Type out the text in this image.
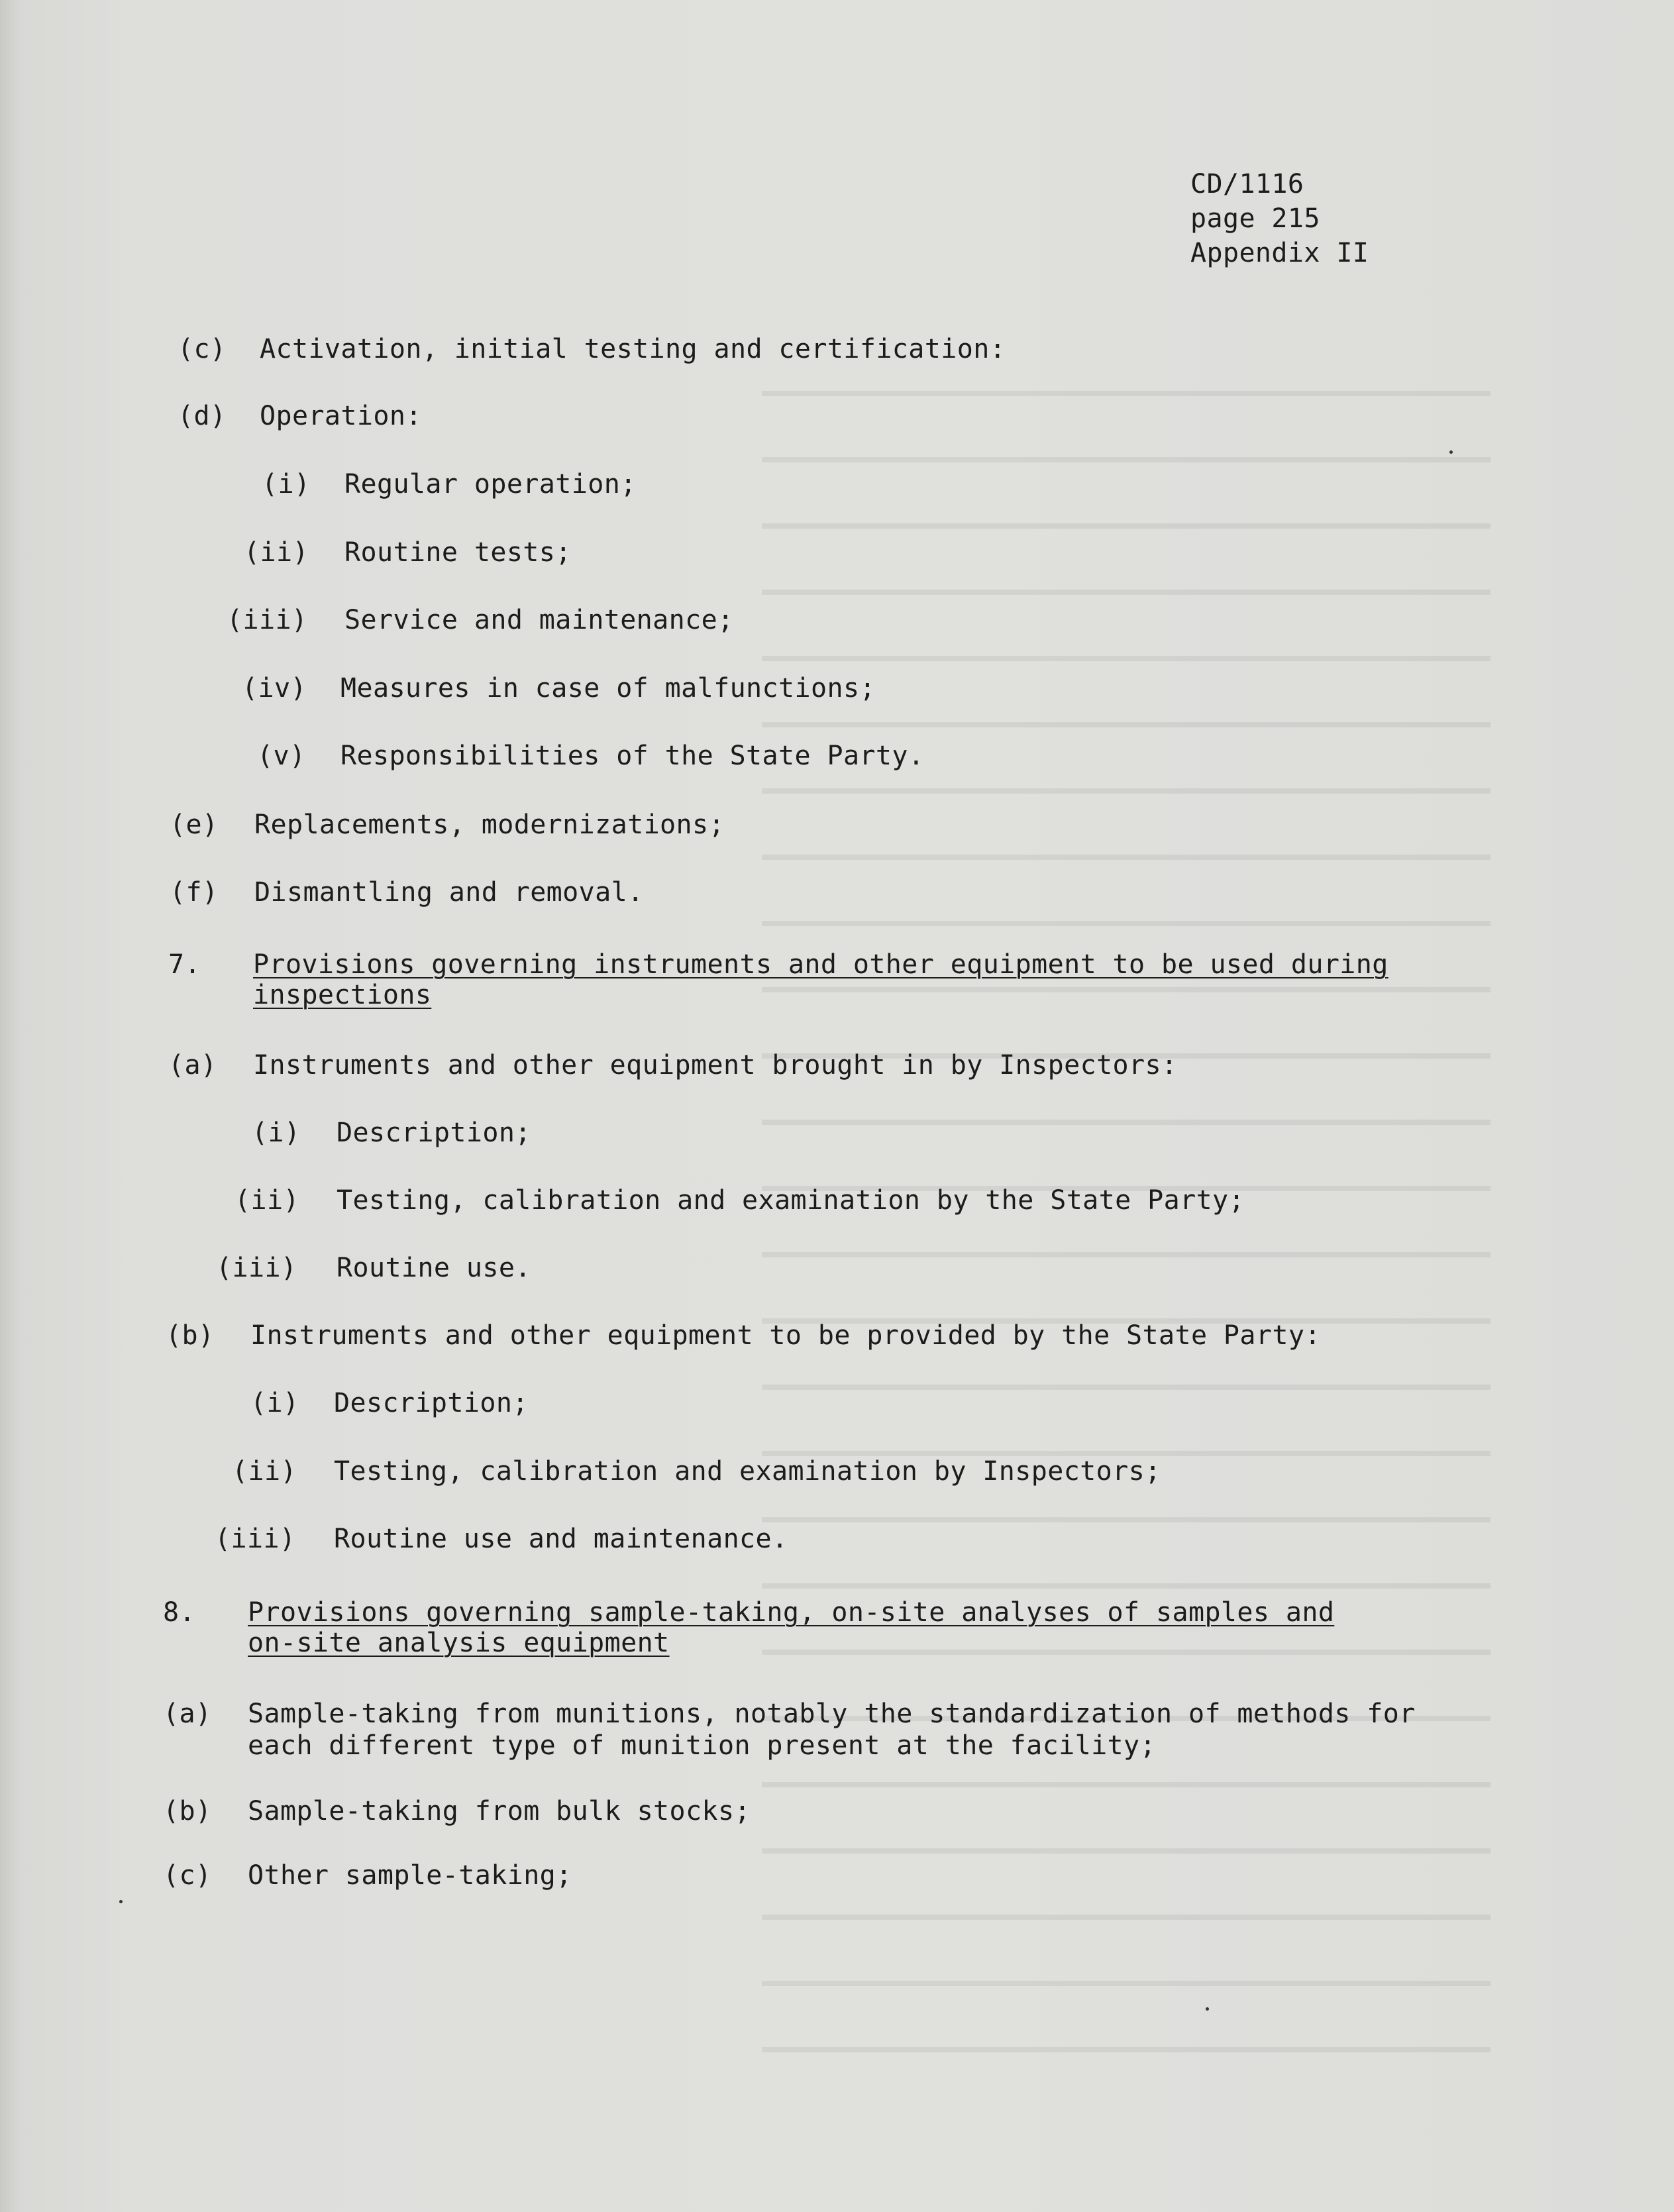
CD/1116
page 215
Appendix II
(c) Activation, initial testing and certification:
(d) Operation:
(i) Regular operation;
(ii) Routine tests;
(iii) Service and maintenance;
(iv) Measures in case of malfunctions;
(v) Responsibilities of the State Party.
(e) Replacements, modernizations;
(f) Dismantling and removal.
7. Provisions governing instruments and other equipment to be used during
inspections
(a) Instruments and other equipment brought in by Inspectors:
(i) Description;
(ii) Testing, calibration and examination by the State Party;
(iii) Routine use.
(b) Instruments and other equipment to be provided by the State Party:
(i) Description;
(ii) Testing, calibration and examination by Inspectors;
(iii) Routine use and maintenance.
8. Provisions governing sample-taking, on-site analyses of samples and
on-site analysis equipment
(a) Sample-taking from munitions, notably the standardization of methods for
each different type of munition present at the facility;
(b) Sample-taking from bulk stocks;
(c) Other sample-taking;
